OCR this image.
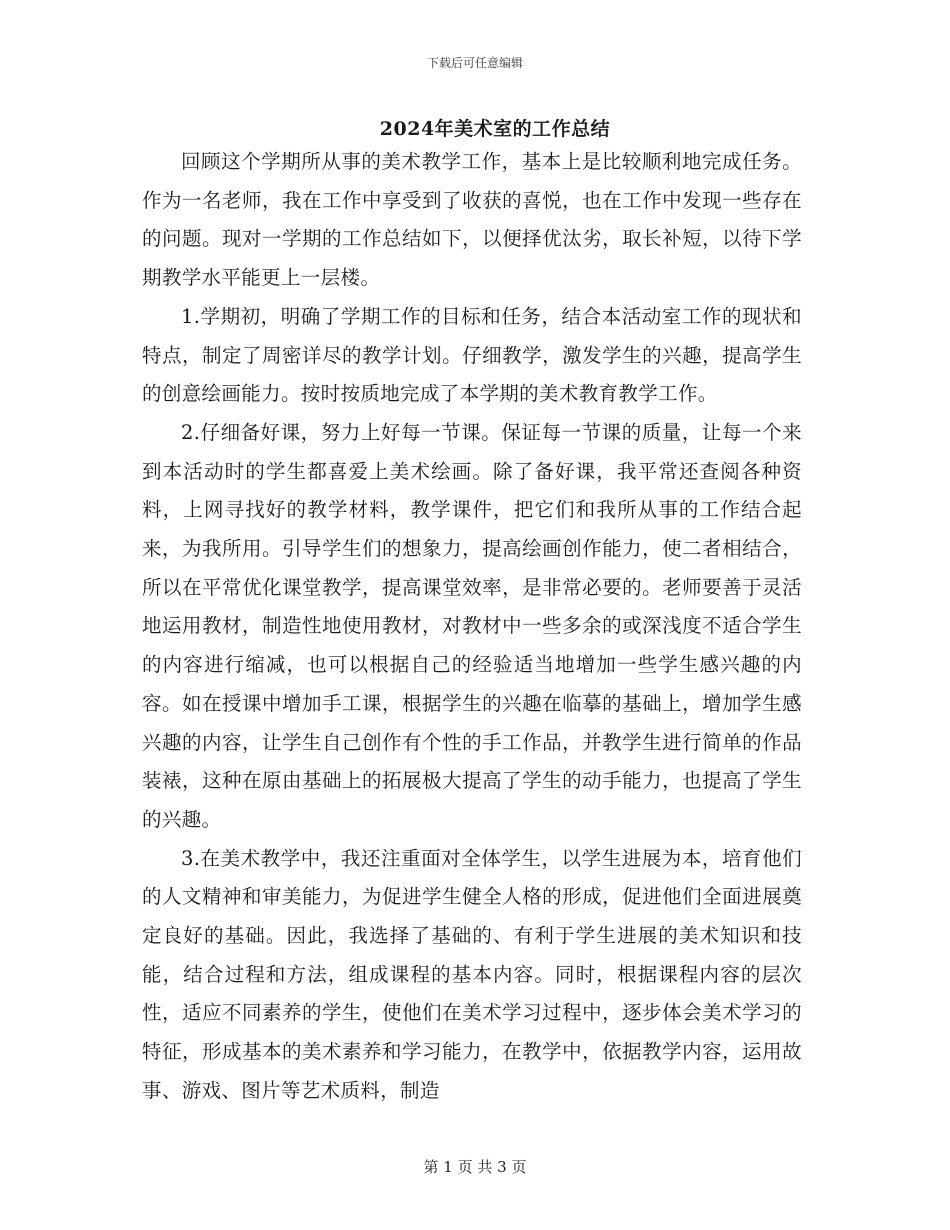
下载后可任意编辑
2024年美术室的工作总结

回顾这个学期所从事的美术教学工作，基本上是比较顺利地完成任务。作为一名老师，我在工作中享受到了收获的喜悦，也在工作中发现一些存在的问题。现对一学期的工作总结如下，以便择优汰劣，取长补短，以待下学期教学水平能更上一层楼。

1.学期初，明确了学期工作的目标和任务，结合本活动室工作的现状和特点，制定了周密详尽的教学计划。仔细教学，激发学生的兴趣，提高学生的创意绘画能力。按时按质地完成了本学期的美术教育教学工作。

2.仔细备好课，努力上好每一节课。保证每一节课的质量，让每一个来到本活动时的学生都喜爱上美术绘画。除了备好课，我平常还查阅各种资料，上网寻找好的教学材料，教学课件，把它们和我所从事的工作结合起来，为我所用。引导学生们的想象力，提高绘画创作能力，使二者相结合，所以在平常优化课堂教学，提高课堂效率，是非常必要的。老师要善于灵活地运用教材，制造性地使用教材，对教材中一些多余的或深浅度不适合学生的内容进行缩减，也可以根据自己的经验适当地增加一些学生感兴趣的内容。如在授课中增加手工课，根据学生的兴趣在临摹的基础上，增加学生感兴趣的内容，让学生自己创作有个性的手工作品，并教学生进行简单的作品装裱，这种在原由基础上的拓展极大提高了学生的动手能力，也提高了学生的兴趣。

3.在美术教学中，我还注重面对全体学生，以学生进展为本，培育他们的人文精神和审美能力，为促进学生健全人格的形成，促进他们全面进展奠定良好的基础。因此，我选择了基础的、有利于学生进展的美术知识和技能，结合过程和方法，组成课程的基本内容。同时，根据课程内容的层次性，适应不同素养的学生，使他们在美术学习过程中，逐步体会美术学习的特征，形成基本的美术素养和学习能力，在教学中，依据教学内容，运用故事、游戏、图片等艺术质料，制造

第 1 页 共 3 页
